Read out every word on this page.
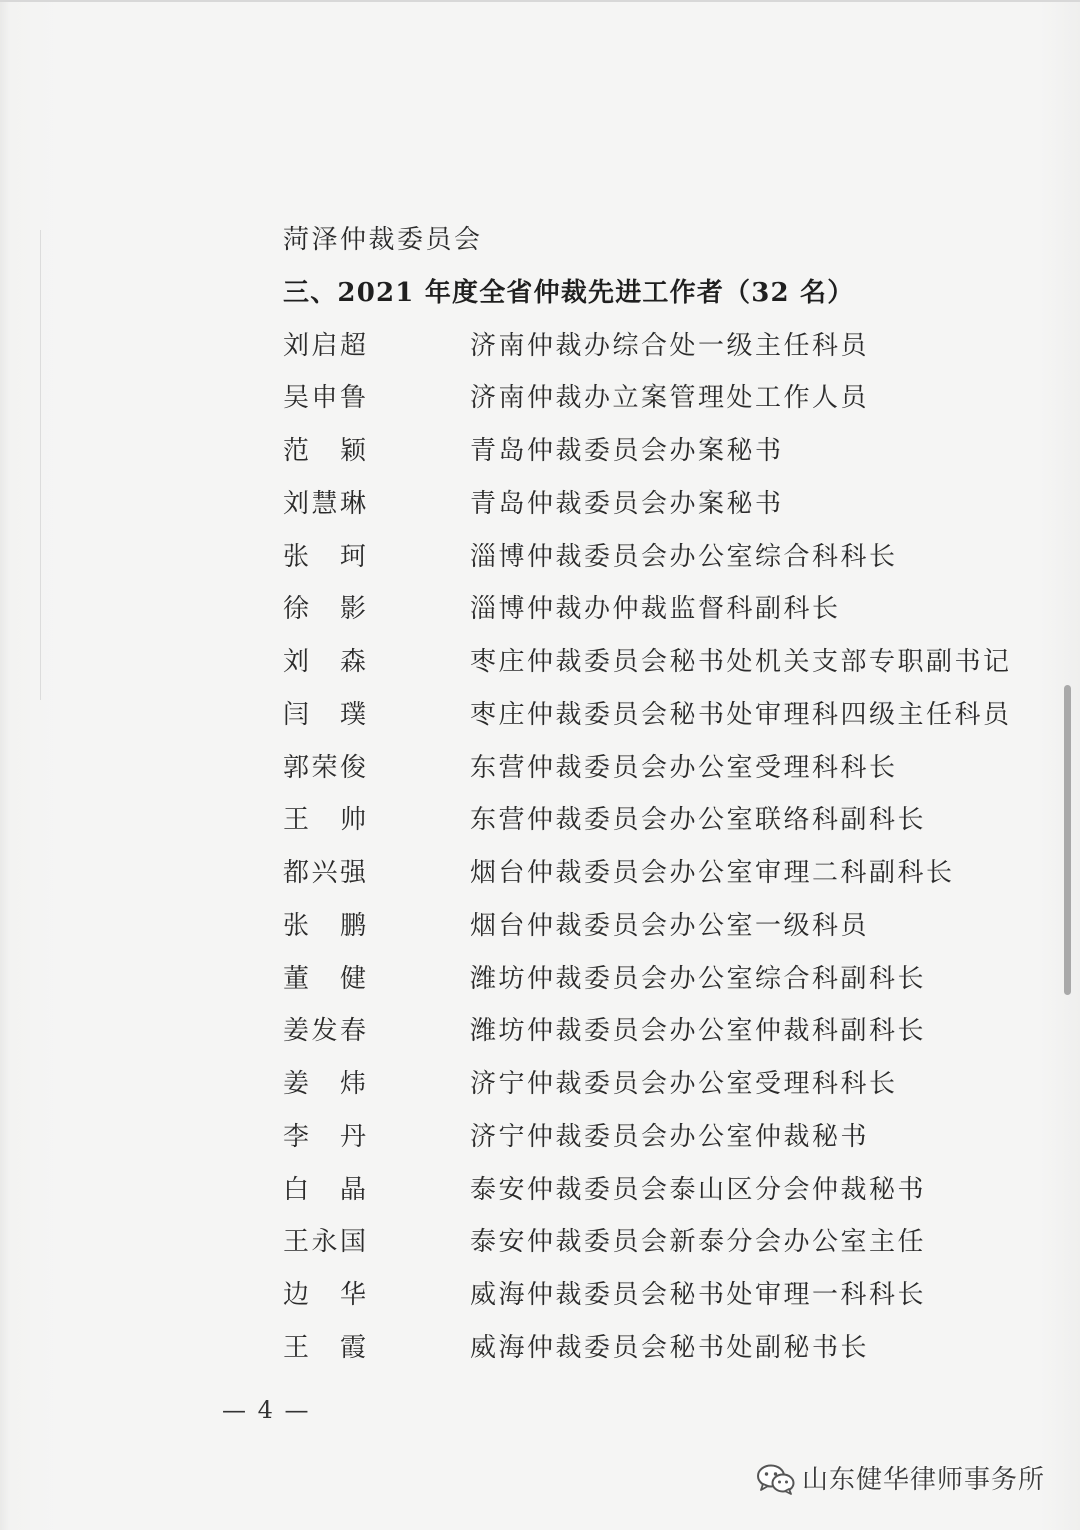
菏泽仲裁委员会
三、2021 年度全省仲裁先进工作者（32 名）
刘启超	济南仲裁办综合处一级主任科员
吴申鲁	济南仲裁办立案管理处工作人员
范　颖	青岛仲裁委员会办案秘书
刘慧琳	青岛仲裁委员会办案秘书
张　珂	淄博仲裁委员会办公室综合科科长
徐　影	淄博仲裁办仲裁监督科副科长
刘　森	枣庄仲裁委员会秘书处机关支部专职副书记
闫　璞	枣庄仲裁委员会秘书处审理科四级主任科员
郭荣俊	东营仲裁委员会办公室受理科科长
王　帅	东营仲裁委员会办公室联络科副科长
都兴强	烟台仲裁委员会办公室审理二科副科长
张　鹏	烟台仲裁委员会办公室一级科员
董　健	潍坊仲裁委员会办公室综合科副科长
姜发春	潍坊仲裁委员会办公室仲裁科副科长
姜　炜	济宁仲裁委员会办公室受理科科长
李　丹	济宁仲裁委员会办公室仲裁秘书
白　晶	泰安仲裁委员会泰山区分会仲裁秘书
王永国	泰安仲裁委员会新泰分会办公室主任
边　华	威海仲裁委员会秘书处审理一科科长
王　霞	威海仲裁委员会秘书处副秘书长
— 4 —
山东健华律师事务所
